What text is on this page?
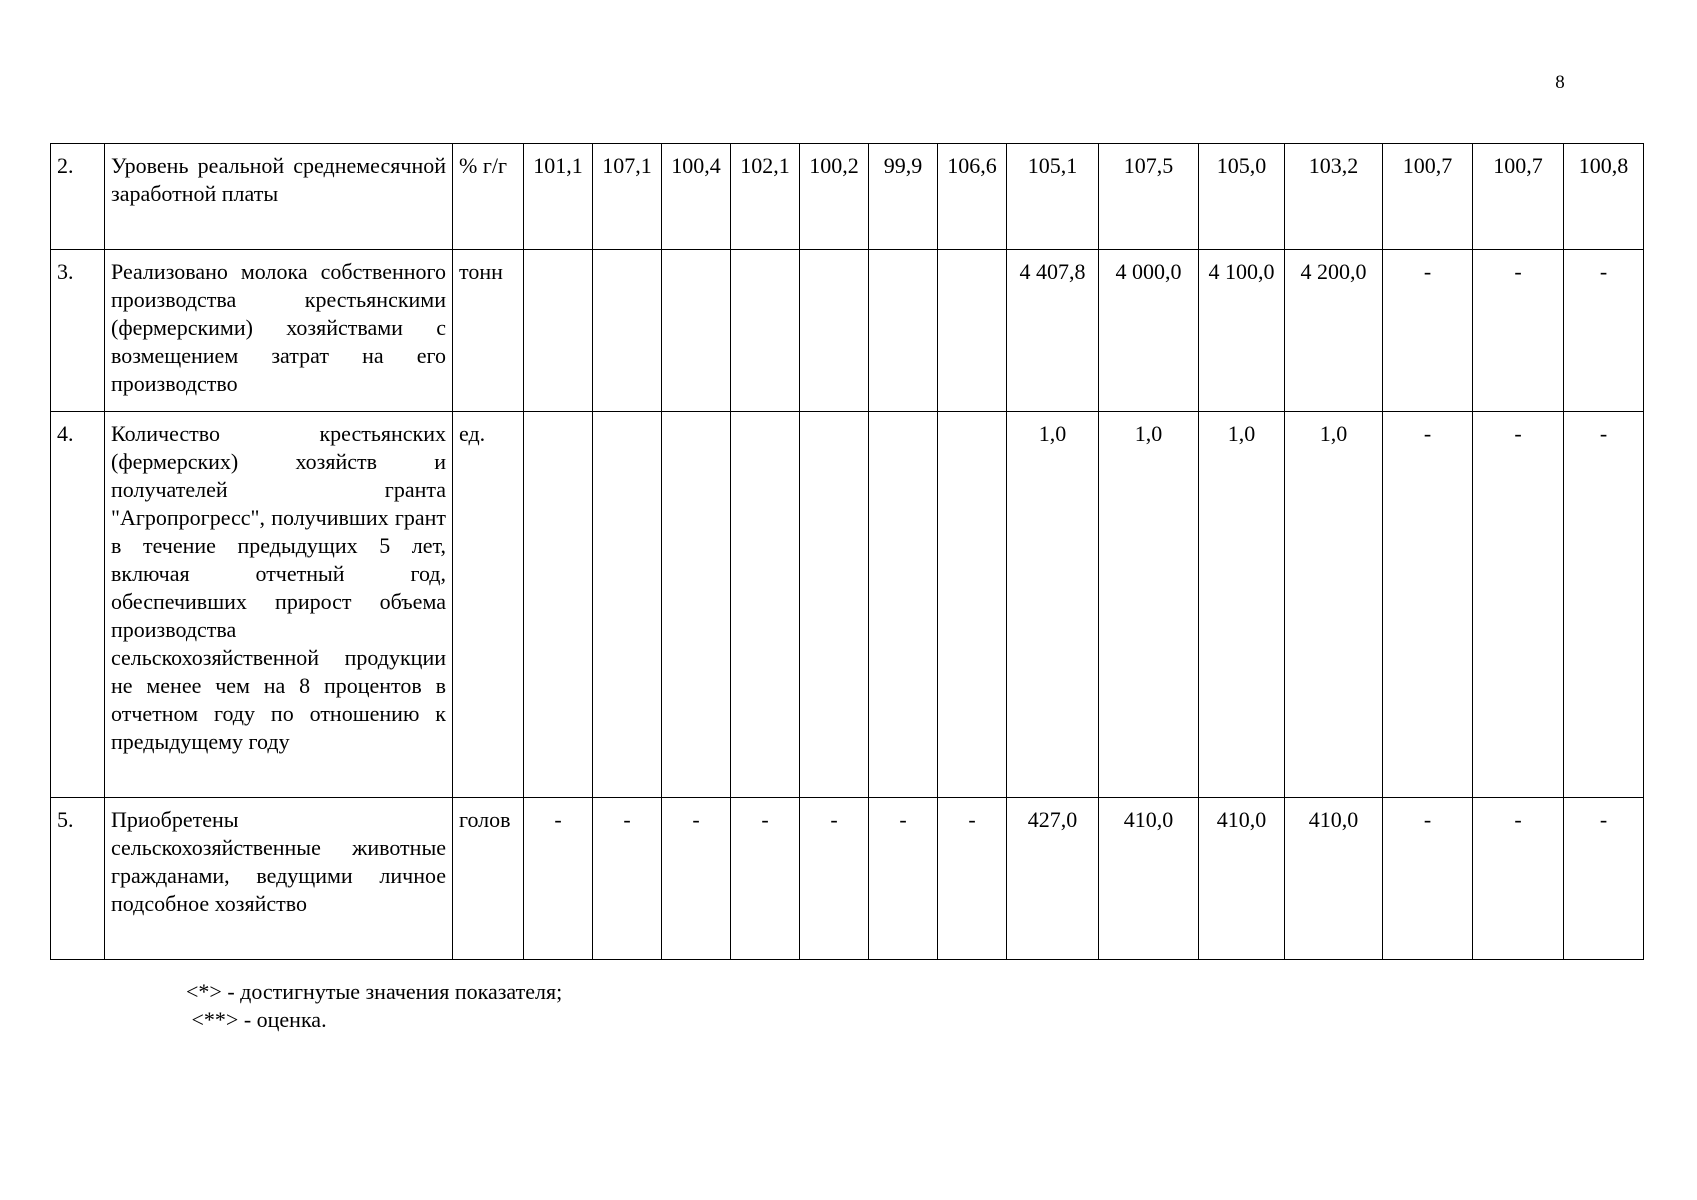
8
2.	Уровень реальной среднемесячной заработной платы	% г/г	101,1	107,1	100,4	102,1	100,2	99,9	106,6	105,1	107,5	105,0	103,2	100,7	100,7	100,8
3.	Реализовано молока собственного производства крестьянскими (фермерскими) хозяйствами с возмещением затрат на его производство	тонн								4 407,8	4 000,0	4 100,0	4 200,0	-	-	-
4.	Количество крестьянских (фермерских) хозяйств и получателей гранта "Агропрогресс", получивших грант в течение предыдущих 5 лет, включая отчетный год, обеспечивших прирост объема производства сельскохозяйственной продукции не менее чем на 8 процентов в отчетном году по отношению к предыдущему году	ед.								1,0	1,0	1,0	1,0	-	-	-
5.	Приобретены сельскохозяйственные животные гражданами, ведущими личное подсобное хозяйство	голов	-	-	-	-	-	-	-	427,0	410,0	410,0	410,0	-	-	-
<*> - достигнутые значения показателя;
<**> - оценка.
